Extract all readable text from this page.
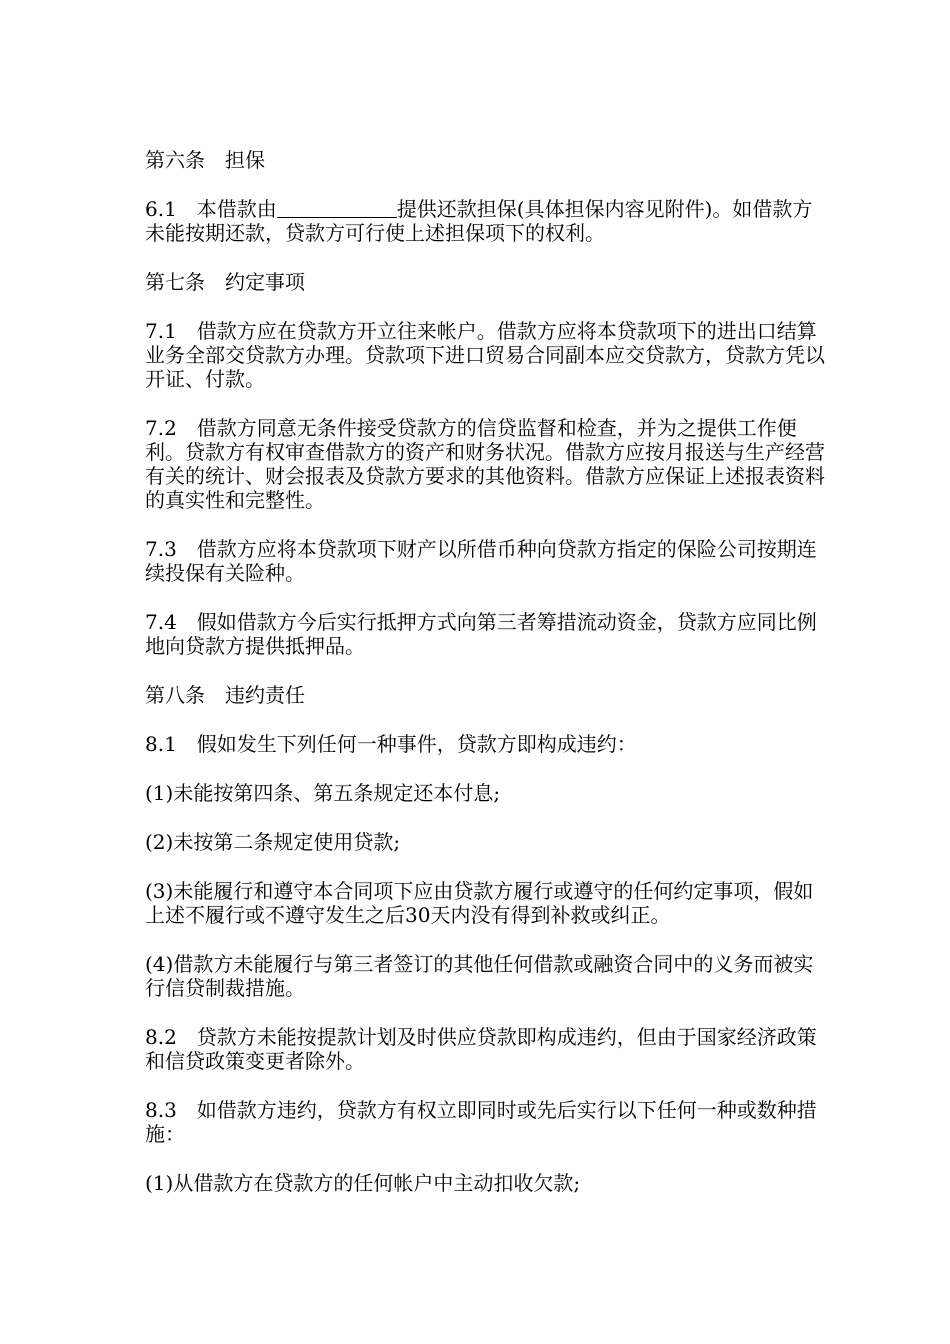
第六条　担保

6.1　本借款由	提供还款担保(具体担保内容见附件)。如借款方未能按期还款，贷款方可行使上述担保项下的权利。

第七条　约定事项

7.1　借款方应在贷款方开立往来帐户。借款方应将本贷款项下的进出口结算业务全部交贷款方办理。贷款项下进口贸易合同副本应交贷款方，贷款方凭以开证、付款。

7.2　借款方同意无条件接受贷款方的信贷监督和检查，并为之提供工作便利。贷款方有权审查借款方的资产和财务状况。借款方应按月报送与生产经营有关的统计、财会报表及贷款方要求的其他资料。借款方应保证上述报表资料的真实性和完整性。

7.3　借款方应将本贷款项下财产以所借币种向贷款方指定的保险公司按期连续投保有关险种。

7.4　假如借款方今后实行抵押方式向第三者筹措流动资金，贷款方应同比例地向贷款方提供抵押品。

第八条　违约责任

8.1　假如发生下列任何一种事件，贷款方即构成违约：

(1)未能按第四条、第五条规定还本付息;

(2)未按第二条规定使用贷款;

(3)未能履行和遵守本合同项下应由贷款方履行或遵守的任何约定事项，假如上述不履行或不遵守发生之后30天内没有得到补救或纠正。

(4)借款方未能履行与第三者签订的其他任何借款或融资合同中的义务而被实行信贷制裁措施。

8.2　贷款方未能按提款计划及时供应贷款即构成违约，但由于国家经济政策和信贷政策变更者除外。

8.3　如借款方违约，贷款方有权立即同时或先后实行以下任何一种或数种措施：

(1)从借款方在贷款方的任何帐户中主动扣收欠款;
